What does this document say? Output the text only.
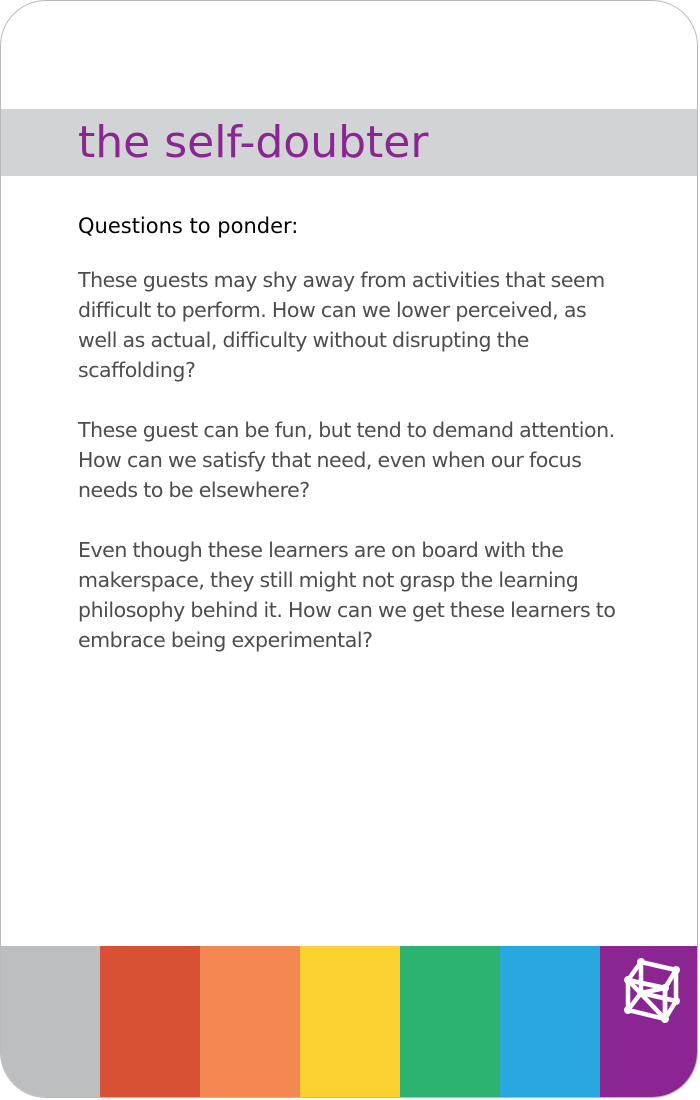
the self-doubter

Questions to ponder:

These guests may shy away from activities that seem difficult to perform. How can we lower perceived, as well as actual, difficulty without disrupting the scaffolding?

These guest can be fun, but tend to demand attention. How can we satisfy that need, even when our focus needs to be elsewhere?

Even though these learners are on board with the makerspace, they still might not grasp the learning philosophy behind it. How can we get these learners to embrace being experimental?
